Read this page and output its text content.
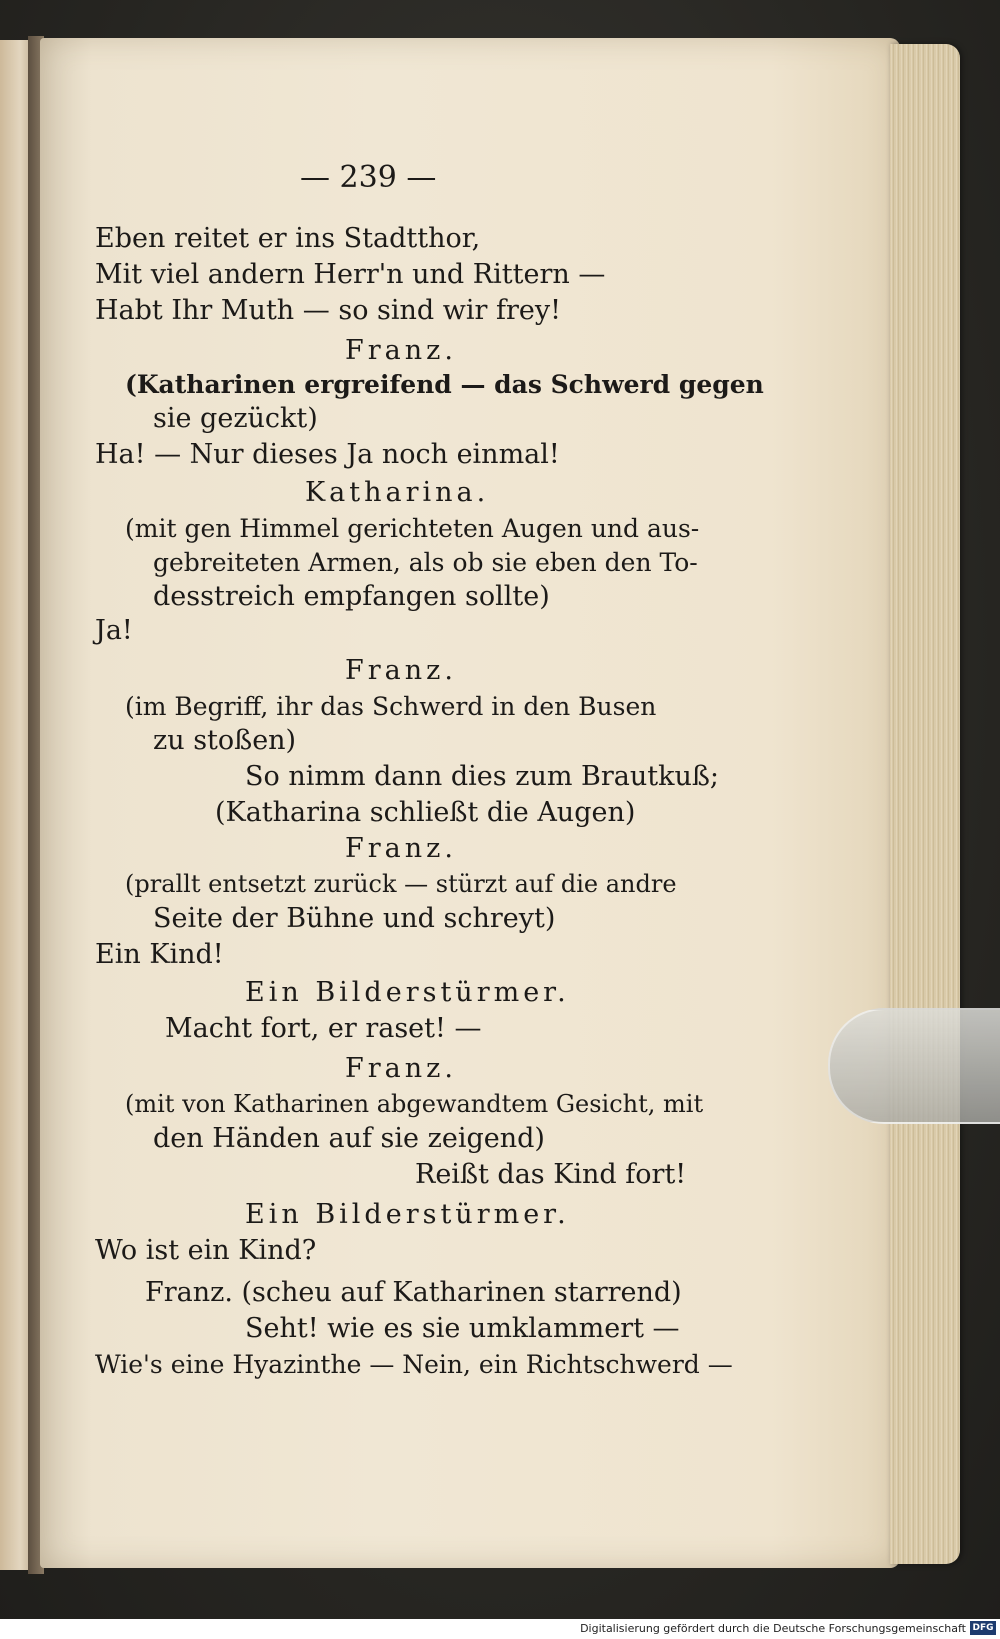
— 239 —
Eben reitet er ins Stadtthor,
Mit viel andern Herr'n und Rittern —
Habt Ihr Muth — so sind wir frey!
Franz.
(Katharinen ergreifend — das Schwerd gegen
sie gezückt)
Ha! — Nur dieses Ja noch einmal!
Katharina.
(mit gen Himmel gerichteten Augen und aus-
gebreiteten Armen, als ob sie eben den To-
desstreich empfangen sollte)
Ja!
Franz.
(im Begriff, ihr das Schwerd in den Busen
zu stoßen)
So nimm dann dies zum Brautkuß;
(Katharina schließt die Augen)
Franz.
(prallt entsetzt zurück — stürzt auf die andre
Seite der Bühne und schreyt)
Ein Kind!
Ein Bilderstürmer.
Macht fort, er raset! —
Franz.
(mit von Katharinen abgewandtem Gesicht, mit
den Händen auf sie zeigend)
Reißt das Kind fort!
Ein Bilderstürmer.
Wo ist ein Kind?
Franz. (scheu auf Katharinen starrend)
Seht! wie es sie umklammert —
Wie's eine Hyazinthe — Nein, ein Richtschwerd —
Digitalisierung gefördert durch die Deutsche Forschungsgemeinschaft DFG
